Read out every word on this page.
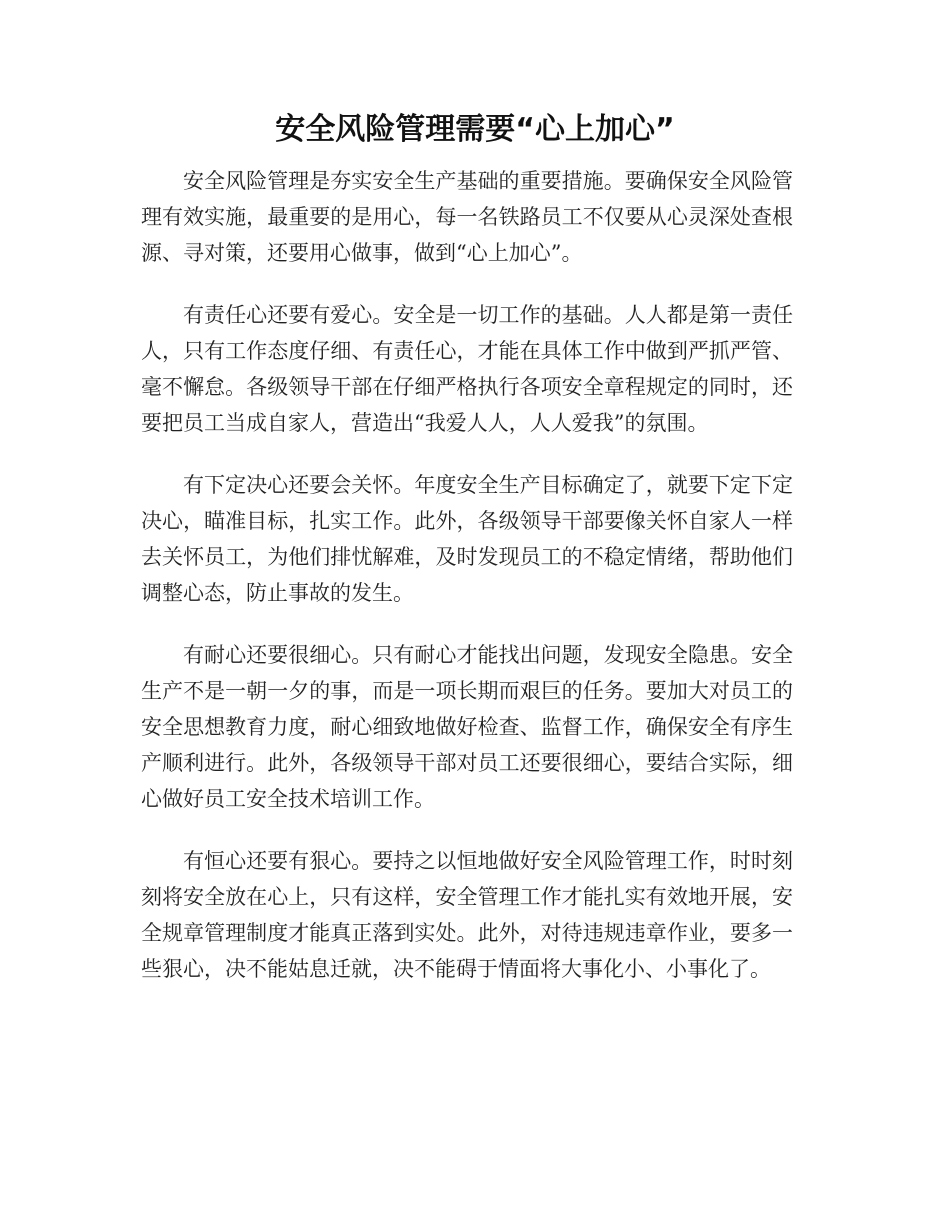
安全风险管理需要“心上加心”

安全风险管理是夯实安全生产基础的重要措施。要确保安全风险管理有效实施，最重要的是用心，每一名铁路员工不仅要从心灵深处查根源、寻对策，还要用心做事，做到“心上加心”。

有责任心还要有爱心。安全是一切工作的基础。人人都是第一责任人，只有工作态度仔细、有责任心，才能在具体工作中做到严抓严管、毫不懈怠。各级领导干部在仔细严格执行各项安全章程规定的同时，还要把员工当成自家人，营造出“我爱人人，人人爱我”的氛围。

有下定决心还要会关怀。年度安全生产目标确定了，就要下定下定决心，瞄准目标，扎实工作。此外，各级领导干部要像关怀自家人一样去关怀员工，为他们排忧解难，及时发现员工的不稳定情绪，帮助他们调整心态，防止事故的发生。

有耐心还要很细心。只有耐心才能找出问题，发现安全隐患。安全生产不是一朝一夕的事，而是一项长期而艰巨的任务。要加大对员工的安全思想教育力度，耐心细致地做好检查、监督工作，确保安全有序生产顺利进行。此外，各级领导干部对员工还要很细心，要结合实际，细心做好员工安全技术培训工作。

有恒心还要有狠心。要持之以恒地做好安全风险管理工作，时时刻刻将安全放在心上，只有这样，安全管理工作才能扎实有效地开展，安全规章管理制度才能真正落到实处。此外，对待违规违章作业，要多一些狠心，决不能姑息迁就，决不能碍于情面将大事化小、小事化了。
